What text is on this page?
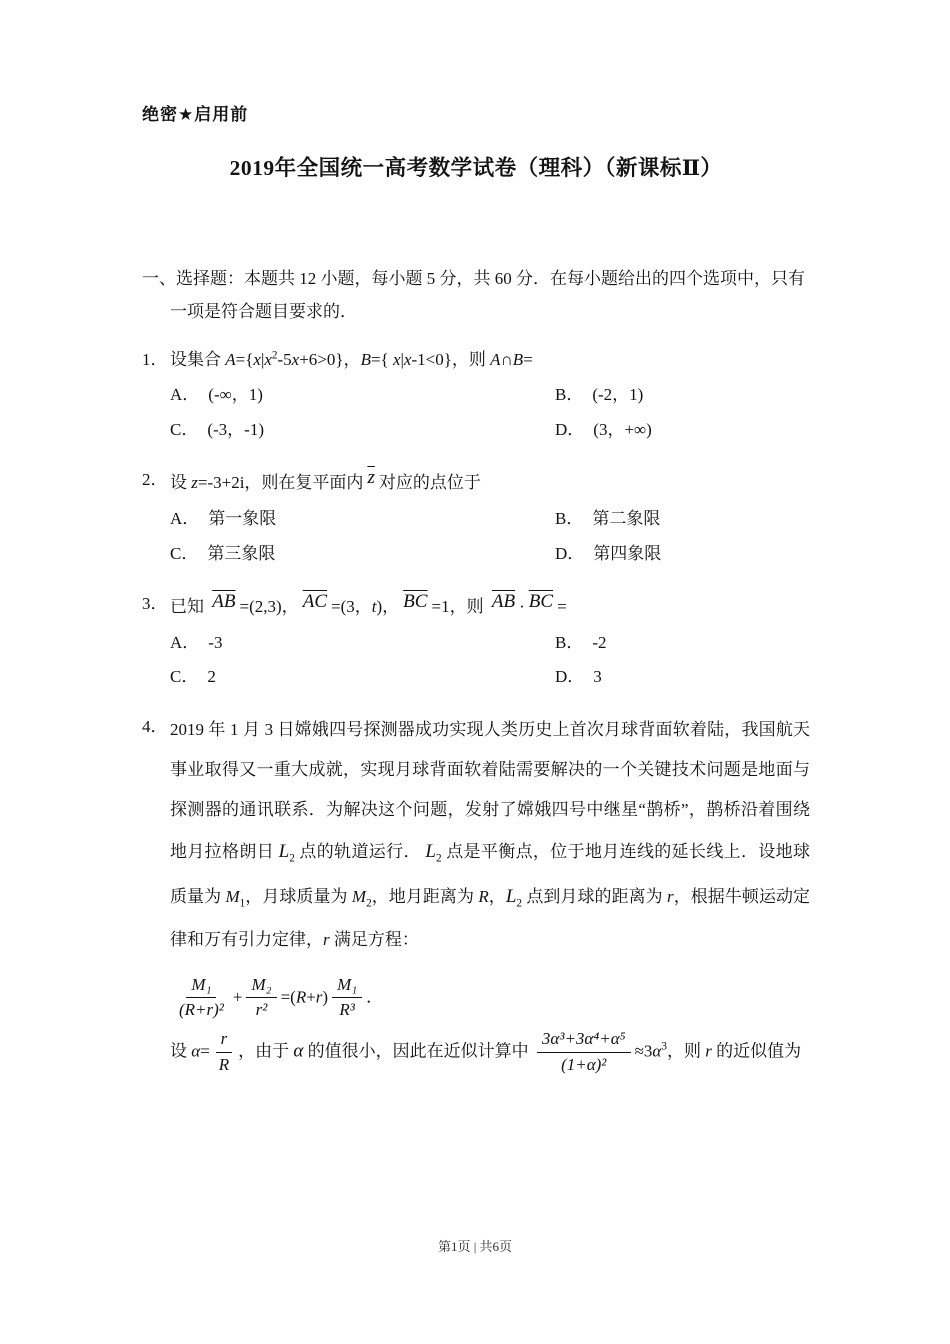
绝密★启用前
2019年全国统一高考数学试卷（理科）（新课标Ⅱ）

一、选择题：本题共 12 小题，每小题 5 分，共 60 分．在每小题给出的四个选项中，只有一项是符合题目要求的．

1． 设集合 $A=\{x|x^2-5x+6>0\}$，B={ x|x-1<0}，则 A∩B=
A． (-∞，1)	B． (-2，1)
C． (-3，-1)	D． (3，+∞)
2． 设 z=-3+2i，则在复平面内 $\overline{z}$ 对应的点位于
A． 第一象限	B． 第二象限
C． 第三象限	D． 第四象限
3． 已知 $\overline{AB} =(2,3)$， $\overline{AC} =(3$，t)， $\overline{BC} =1$，则 $\overline{AB} \cdot \overline{BC}$ =
A． -3	B． -2
C． 2	D． 3
4． 2019 年 1 月 3 日嫦娥四号探测器成功实现人类历史上首次月球背面软着陆，我国航天事业取得又一重大成就，实现月球背面软着陆需要解决的一个关键技术问题是地面与探测器的通讯联系．为解决这个问题，发射了嫦娥四号中继星“鹊桥”，鹊桥沿着围绕地月拉格朗日 $L_2$ 点的轨道运行． $L_2$ 点是平衡点，位于地月连线的延长线上．设地球质量为 $M_1$，月球质量为 $M_2$，地月距离为 R，$L_2$ 点到月球的距离为 r，根据牛顿运动定律和万有引力定律，r 满足方程：
$\frac{\text{M₁}}{\text{(R+r)²}} + \frac{\text{M₂}}{\text{r²}} =(R+r) \frac{\text{M₁}}{\text{R³}}$ ．
设 $\alpha= \frac{r}{R}$ ，由于 α 的值很小，因此在近似计算中 $\frac{\text{3α³+3α⁴+α⁵}}{\text{(1+α)²}} \approx 3\alpha^3$，则 r 的近似值为
第1页 | 共6页
